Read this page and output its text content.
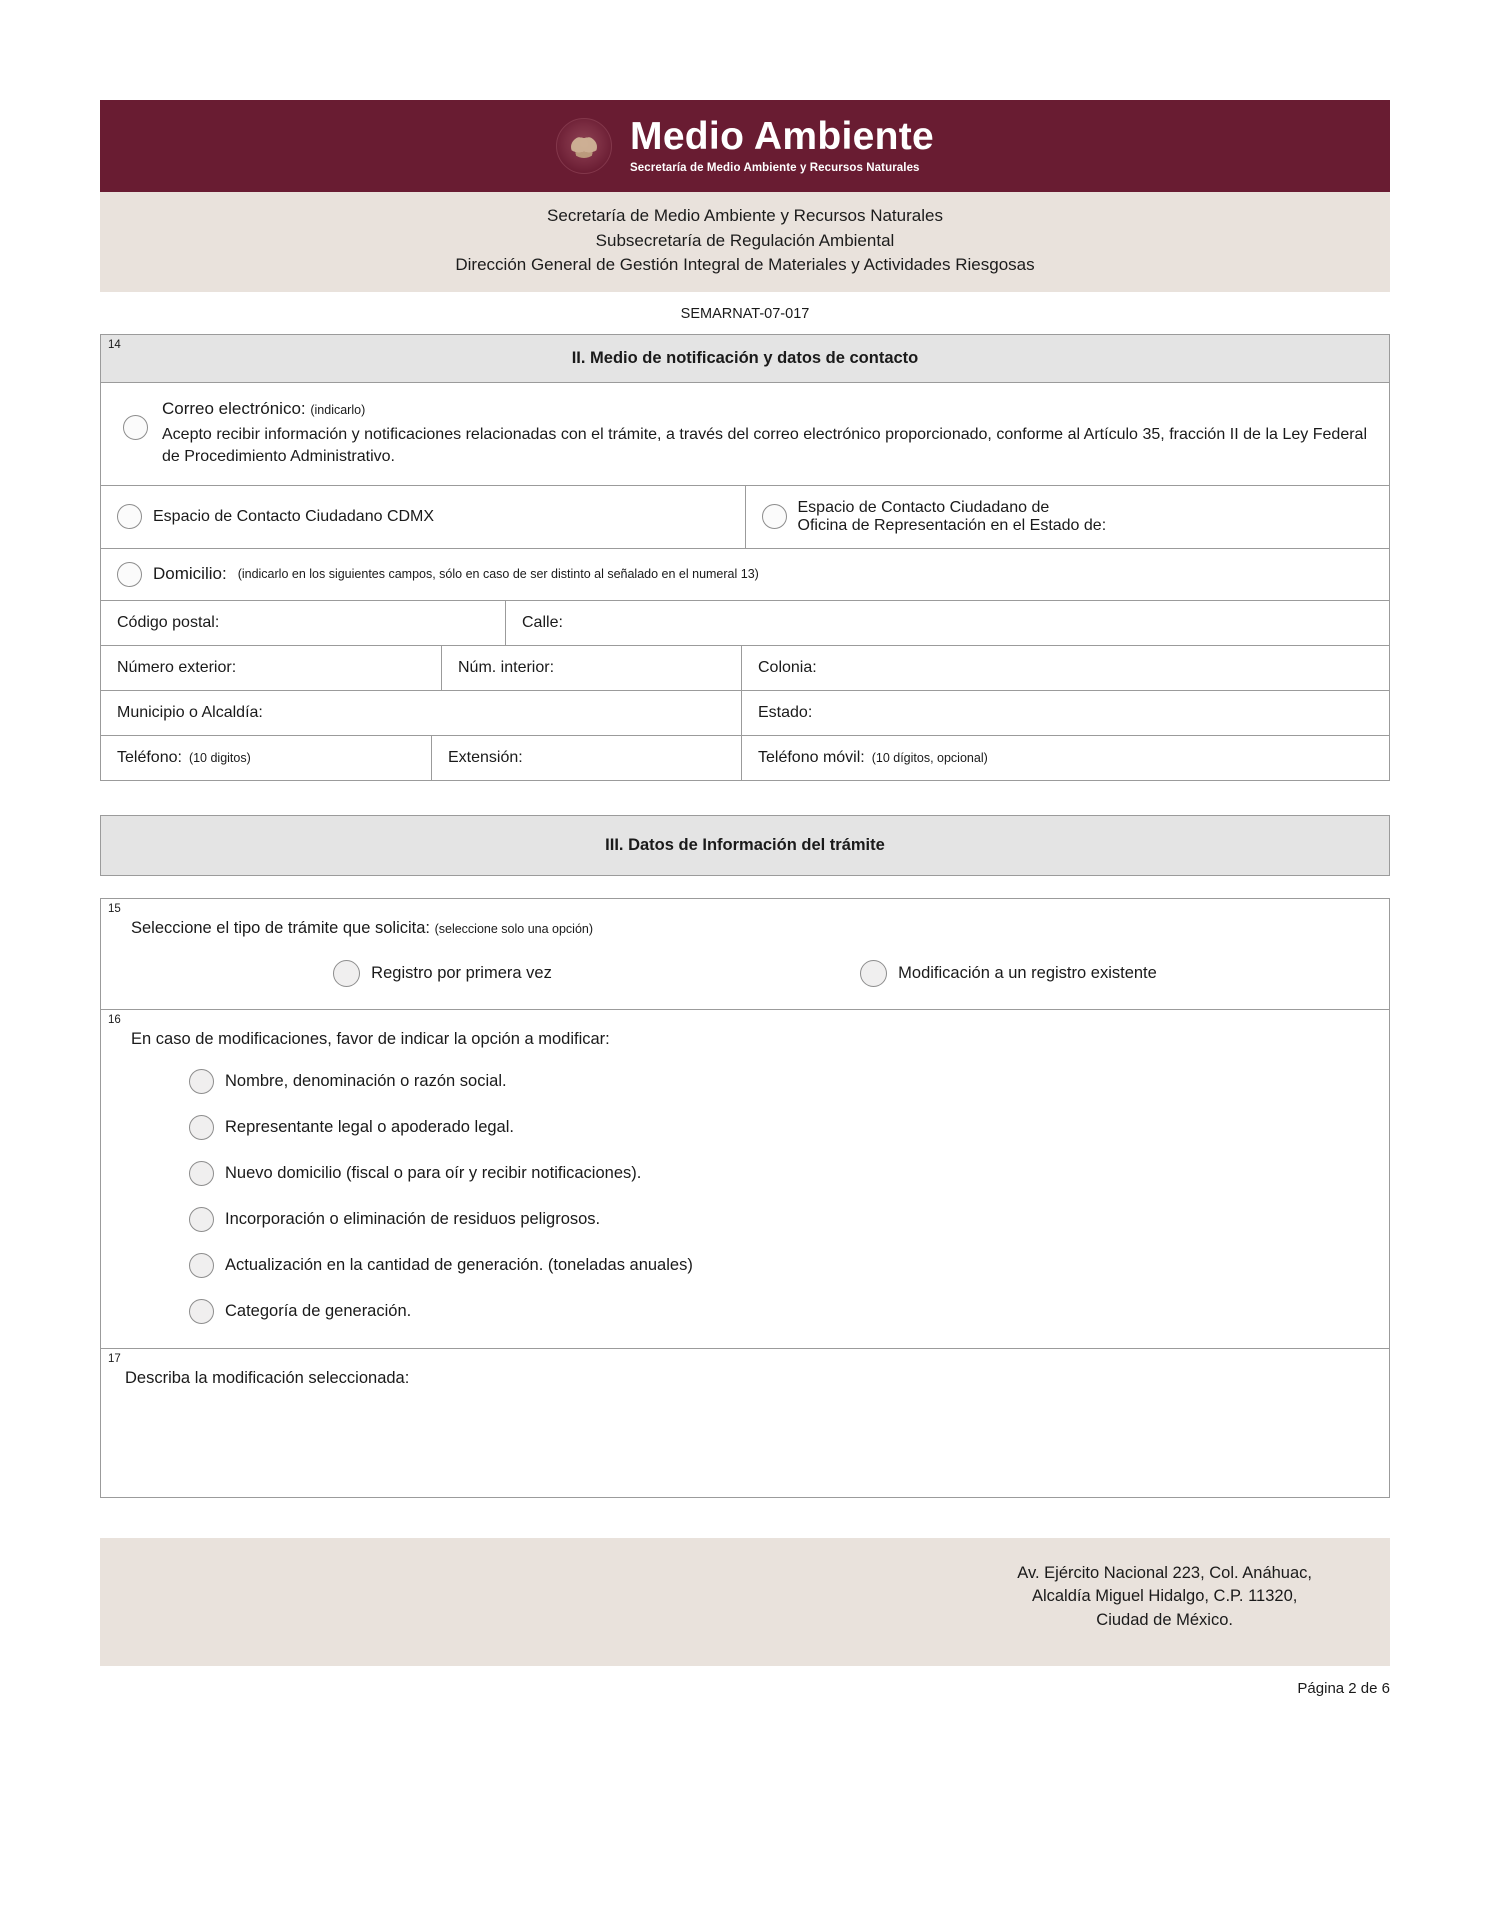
Medio Ambiente
Secretaría de Medio Ambiente y Recursos Naturales
Secretaría de Medio Ambiente y Recursos Naturales
Subsecretaría de Regulación Ambiental
Dirección General de Gestión Integral de Materiales y Actividades Riesgosas
SEMARNAT-07-017
14
II. Medio de notificación y datos de contacto
Correo electrónico: (indicarlo)
Acepto recibir información y notificaciones relacionadas con el trámite, a través del correo electrónico proporcionado, conforme al Artículo 35, fracción II de la Ley Federal de Procedimiento Administrativo.
Espacio de Contacto Ciudadano CDMX
Espacio de Contacto Ciudadano de
Oficina de Representación en el Estado de:
Domicilio: (indicarlo en los siguientes campos, sólo en caso de ser distinto al señalado en el numeral 13)
Código postal:	Calle:
Número exterior:	Núm. interior:	Colonia:
Municipio o Alcaldía:	Estado:
Teléfono: (10 digitos)	Extensión:	Teléfono móvil: (10 dígitos, opcional)
III. Datos de Información del trámite
15
Seleccione el tipo de trámite que solicita: (seleccione solo una opción)
Registro por primera vez	Modificación a un registro existente
16
En caso de modificaciones, favor de indicar la opción a modificar:
Nombre, denominación o razón social.
Representante legal o apoderado legal.
Nuevo domicilio (fiscal o para oír y recibir notificaciones).
Incorporación o eliminación de residuos peligrosos.
Actualización en la cantidad de generación. (toneladas anuales)
Categoría de generación.
17
Describa la modificación seleccionada:
Av. Ejército Nacional 223, Col. Anáhuac,
Alcaldía Miguel Hidalgo, C.P. 11320,
Ciudad de México.
Página 2 de 6
